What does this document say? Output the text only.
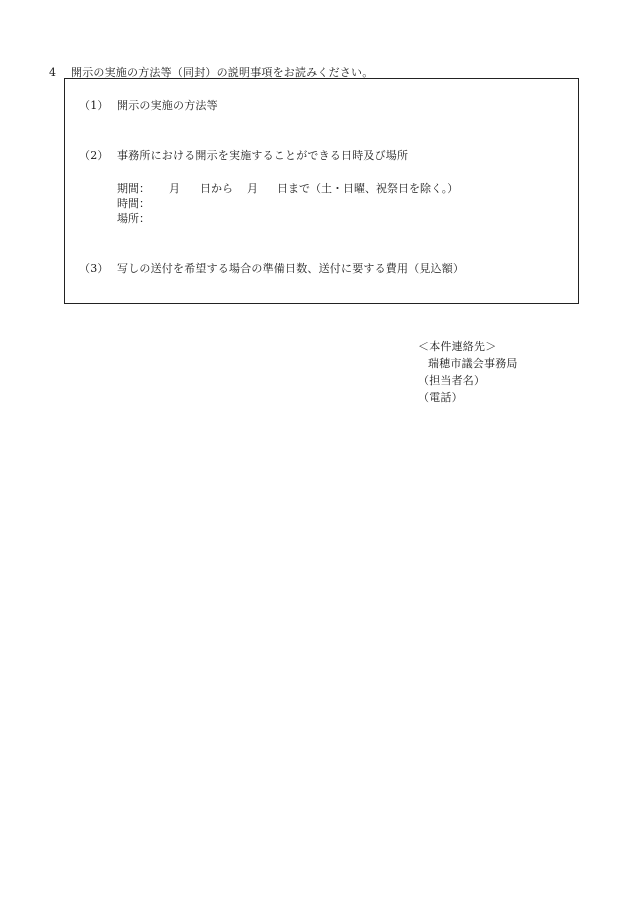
4 開示の実施の方法等（同封）の説明事項をお読みください。
（1） 開示の実施の方法等
（2） 事務所における開示を実施することができる日時及び場所
期間： 月 日から 月 日まで（土・日曜、祝祭日を除く。）
時間：
場所：
（3） 写しの送付を希望する場合の準備日数、送付に要する費用（見込額）
＜本件連絡先＞
瑞穂市議会事務局
（担当者名）
（電話）
